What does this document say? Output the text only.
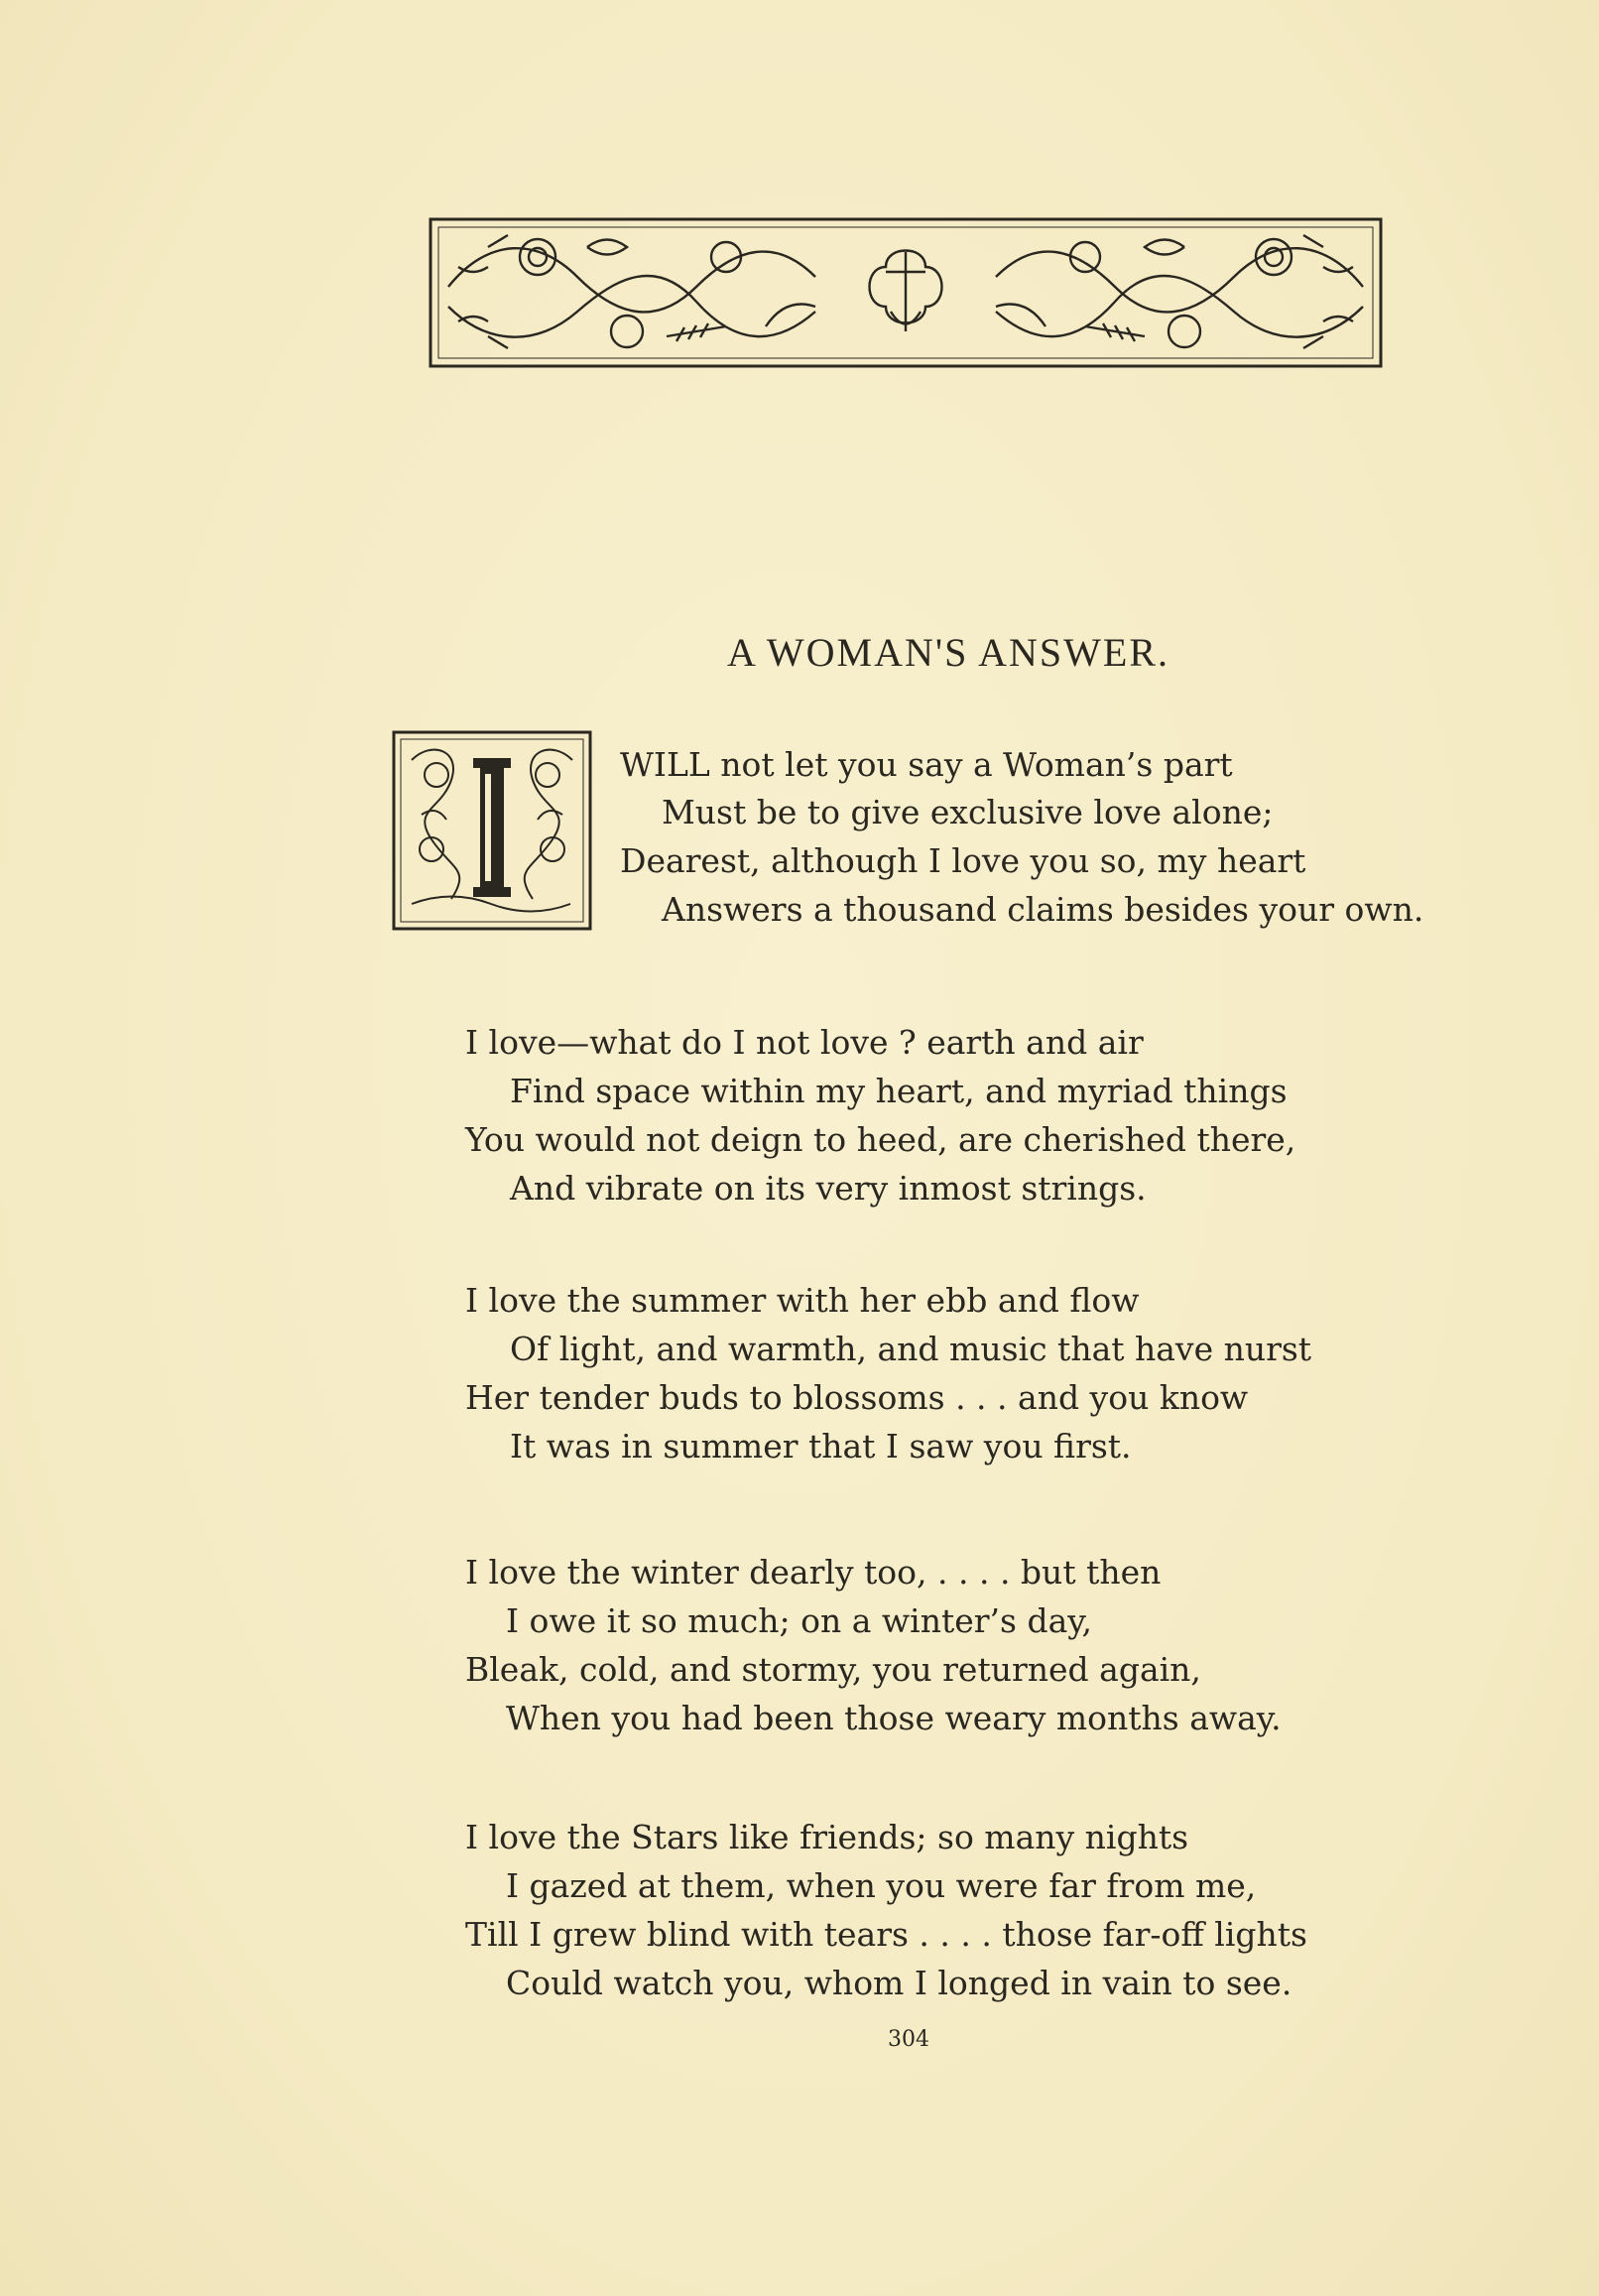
A WOMAN'S ANSWER.
WILL not let you say a Woman’s part
Must be to give exclusive love alone;
Dearest, although I love you so, my heart
Answers a thousand claims besides your own.
I love—what do I not love ? earth and air
Find space within my heart, and myriad things
You would not deign to heed, are cherished there,
And vibrate on its very inmost strings.
I love the summer with her ebb and flow
Of light, and warmth, and music that have nurst
Her tender buds to blossoms . . . and you know
It was in summer that I saw you first.
I love the winter dearly too, . . . . but then
I owe it so much; on a winter’s day,
Bleak, cold, and stormy, you returned again,
When you had been those weary months away.
I love the Stars like friends; so many nights
I gazed at them, when you were far from me,
Till I grew blind with tears . . . . those far-off lights
Could watch you, whom I longed in vain to see.
304
